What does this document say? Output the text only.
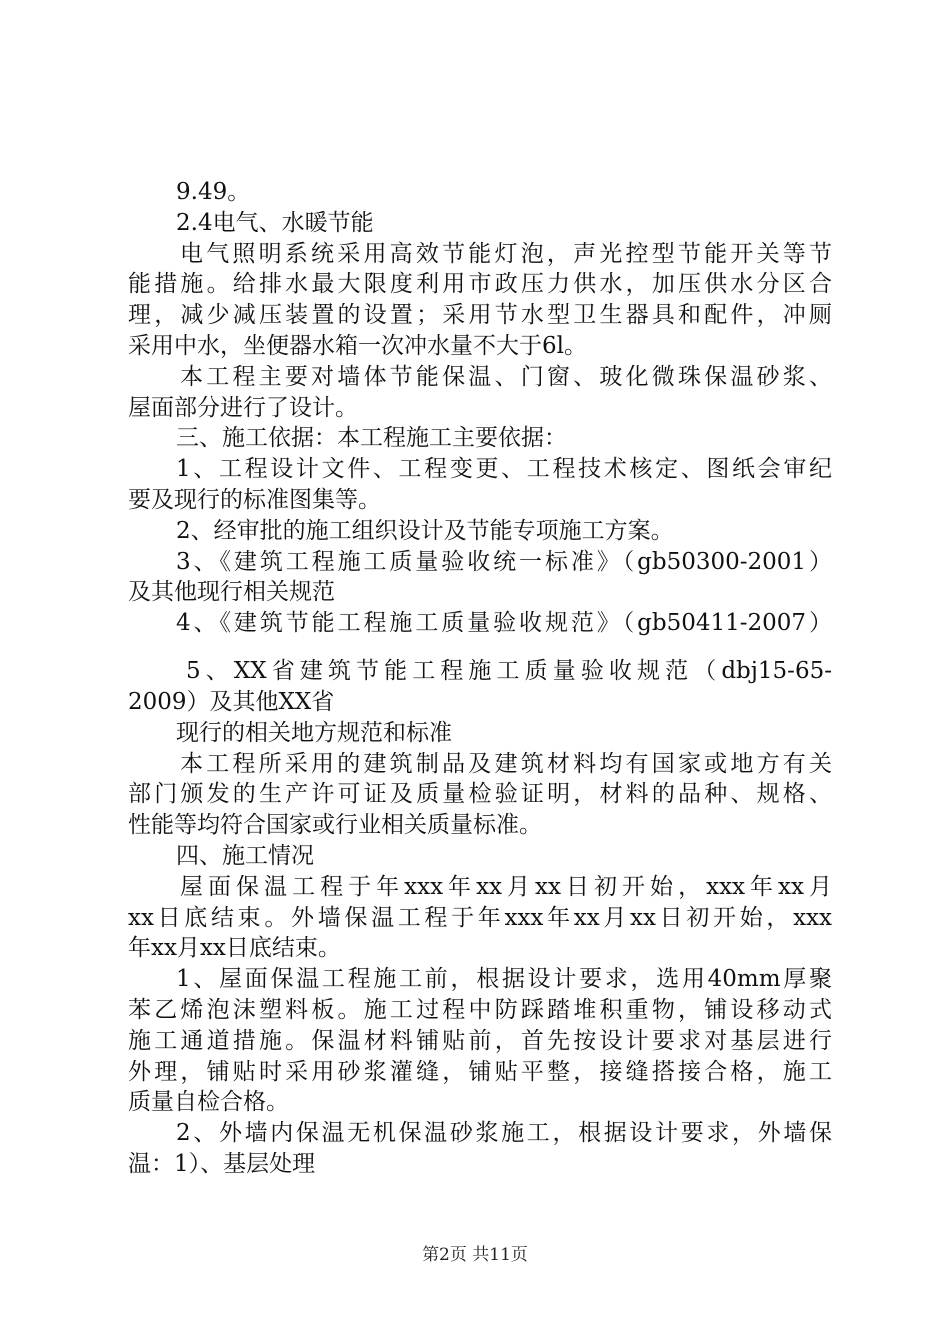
第2页 共11页
9.49。
2.4电气、水暖节能
电气照明系统采用高效节能灯泡，声光控型节能开关等节
能措施。给排水最大限度利用市政压力供水，加压供水分区合
理，减少减压装置的设置；采用节水型卫生器具和配件，冲厕
采用中水，坐便器水箱一次冲水量不大于6l。
本工程主要对墙体节能保温、门窗、玻化微珠保温砂浆、
屋面部分进行了设计。
三、施工依据：本工程施工主要依据：
1、工程设计文件、工程变更、工程技术核定、图纸会审纪
要及现行的标准图集等。
2、经审批的施工组织设计及节能专项施工方案。
3、《建筑工程施工质量验收统一标准》（gb50300-2001）
及其他现行相关规范
4、《建筑节能工程施工质量验收规范》（gb50411-2007）
5、XX省建筑节能工程施工质量验收规范（dbj15-65-
2009）及其他XX省
现行的相关地方规范和标准
本工程所采用的建筑制品及建筑材料均有国家或地方有关
部门颁发的生产许可证及质量检验证明，材料的品种、规格、
性能等均符合国家或行业相关质量标准。
四、施工情况
屋面保温工程于年xxx年xx月xx日初开始，xxx年xx月
xx日底结束。外墙保温工程于年xxx年xx月xx日初开始，xxx
年xx月xx日底结束。
1、屋面保温工程施工前，根据设计要求，选用40mm厚聚
苯乙烯泡沫塑料板。施工过程中防踩踏堆积重物，铺设移动式
施工通道措施。保温材料铺贴前，首先按设计要求对基层进行
外理，铺贴时采用砂浆灌缝，铺贴平整，接缝搭接合格，施工
质量自检合格。
2、外墙内保温无机保温砂浆施工，根据设计要求，外墙保
温：1）、基层处理
